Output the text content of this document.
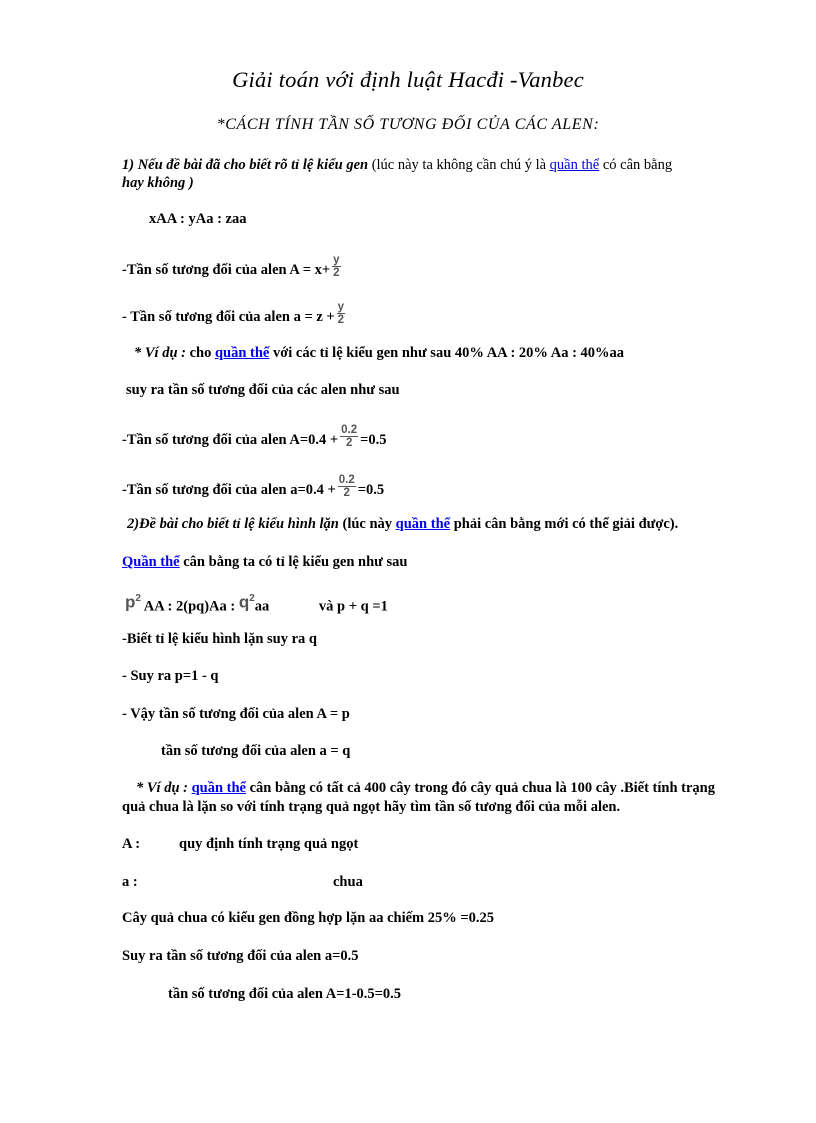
Giải toán với định luật Hacđi -Vanbec
*CÁCH TÍNH TẦN SỐ TƯƠNG ĐỐI CỦA CÁC ALEN:
1) Nếu đề bài đã cho biết rõ tỉ lệ kiểu gen (lúc này ta không cần chú ý là quần thể có cân bằng
hay không )
xAA : yAa : zaa
-Tần số tương đối của alen $A = x+ \frac{y}{2}$
- Tần số tương đối của alen $a = z + \frac{y}{2}$
* Ví dụ : cho quần thể với các tỉ lệ kiểu gen như sau 40% AA : 20% Aa : 40%aa
suy ra tần số tương đối của các alen như sau
-Tần số tương đối của alen $A=0.4 + \frac{0.2}{2} =0.5$
-Tần số tương đối của alen $a=0.4 + \frac{0.2}{2} =0.5$
2)Đề bài cho biết tỉ lệ kiểu hình lặn (lúc này quần thể phải cân bằng mới có thể giải được).
Quần thể cân bằng ta có tỉ lệ kiểu gen như sau
$p^2$ AA : 2(pq)Aa : $q^2aa$	và p + q =1
-Biết tỉ lệ kiểu hình lặn suy ra q
- Suy ra p=1 - q
- Vậy tần số tương đối của alen A = p
tần số tương đối của alen a = q
* Ví dụ : quần thể cân bằng có tất cả 400 cây trong đó cây quả chua là 100 cây .Biết tính trạng
quả chua là lặn so với tính trạng quả ngọt hãy tìm tần số tương đối của mỗi alen.
A :	quy định tính trạng quả ngọt
a :	chua
Cây quả chua có kiểu gen đồng hợp lặn aa chiếm 25% =0.25
Suy ra tần số tương đối của alen a=0.5
tần số tương đối của alen A=1-0.5=0.5
